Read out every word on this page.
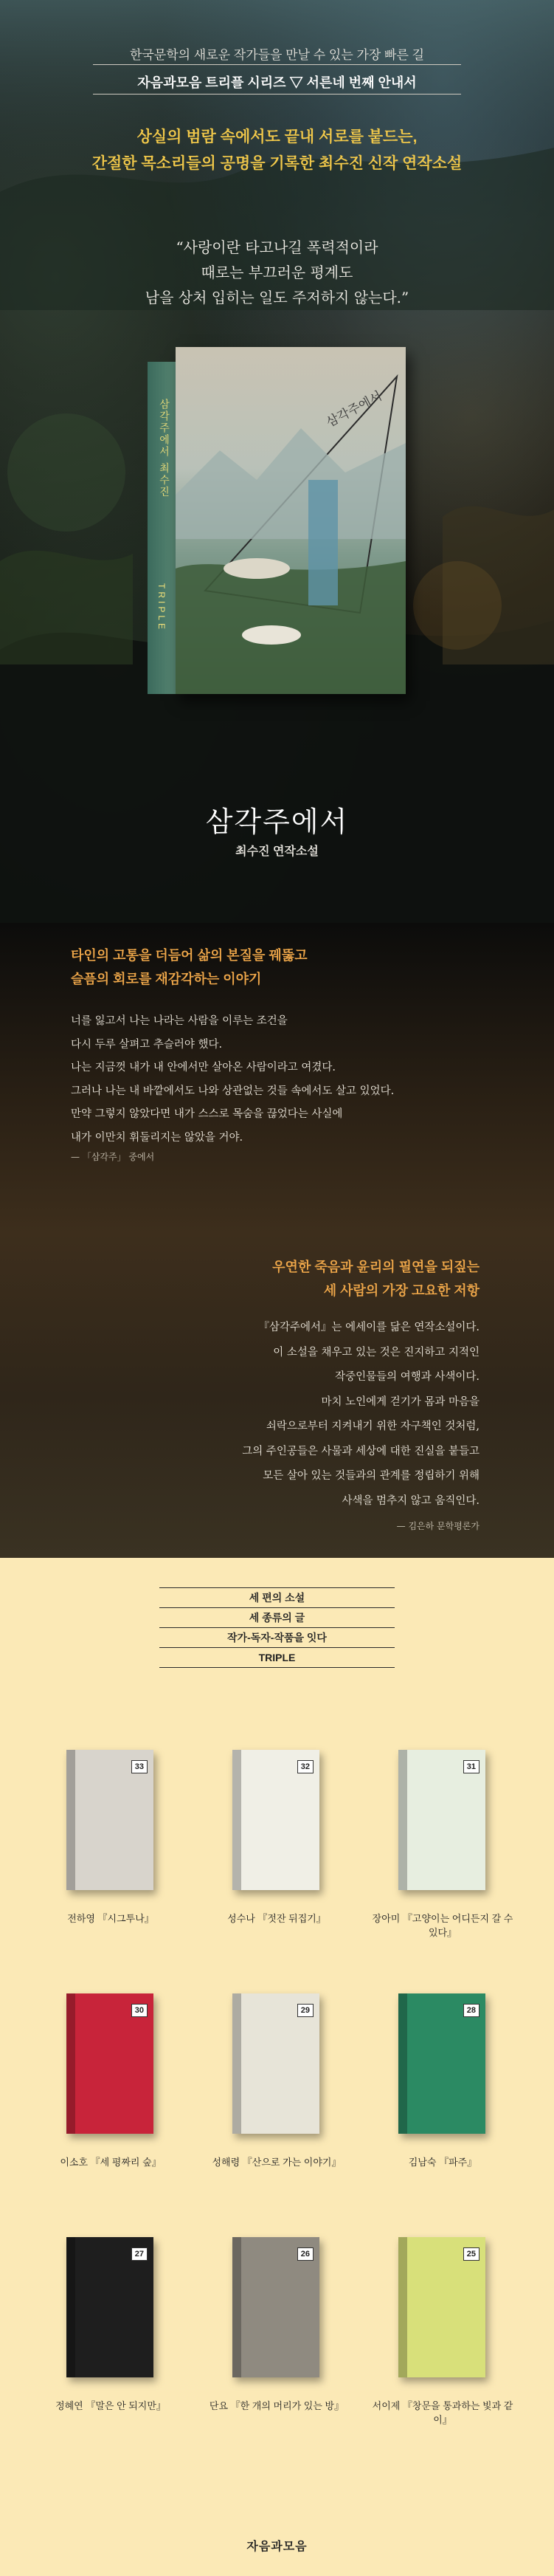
한국문학의 새로운 작가들을 만날 수 있는 가장 빠른 길
자음과모음 트리플 시리즈 ▽ 서른네 번째 안내서
상실의 범람 속에서도 끝내 서로를 붙드는,
간절한 목소리들의 공명을 기록한 최수진 신작 연작소설
“사랑이란 타고나길 폭력적이라
때로는 부끄러운 평계도
남을 상처 입히는 일도 주저하지 않는다.”
삼각주에서 최수진
TRIPLE
삼각주에서
삼각주에서
최수진 연작소설
타인의 고통을 더듬어 삶의 본질을 꿰뚫고
슬픔의 회로를 재감각하는 이야기
너를 잃고서 나는 나라는 사람을 이루는 조건을
다시 두루 살펴고 추슬러야 했다.
나는 지금껏 내가 내 안에서만 살아온 사람이라고 여겼다.
그러나 나는 내 바깥에서도 나와 상관없는 것들 속에서도 살고 있었다.
만약 그렇지 않았다면 내가 스스로 목숨을 끊었다는 사실에
내가 이만치 휘둘리지는 않았을 거야.
— 「삼각주」 중에서
우연한 죽음과 윤리의 필연을 되짚는
세 사람의 가장 고요한 저항
『삼각주에서』는 에세이를 닮은 연작소설이다.
이 소설을 채우고 있는 것은 진지하고 지적인
작중인물들의 여행과 사색이다.
마치 노인에게 걷기가 몸과 마음을
쇠락으로부터 지켜내기 위한 자구책인 것처럼,
그의 주인공들은 사물과 세상에 대한 진실을 붙들고
모든 살아 있는 것들과의 관계를 정립하기 위해
사색을 멈추지 않고 움직인다.
— 김은하 문학평론가
세 편의 소설
세 종류의 글
작가-독자-작품을 잇다
TRIPLE
33
전하영 『시그투나』
32
성수나 『젓잔 뒤집기』
31
장아미 『고양이는 어디든지 갈 수 있다』
30
이소호 『세 평짜리 숲』
29
성해령 『산으로 가는 이야기』
28
김남숙 『파주』
27
정혜연 『말은 안 되지만』
26
단요 『한 개의 머리가 있는 방』
25
서이제 『창문을 통과하는 빛과 같이』
자음과모음
